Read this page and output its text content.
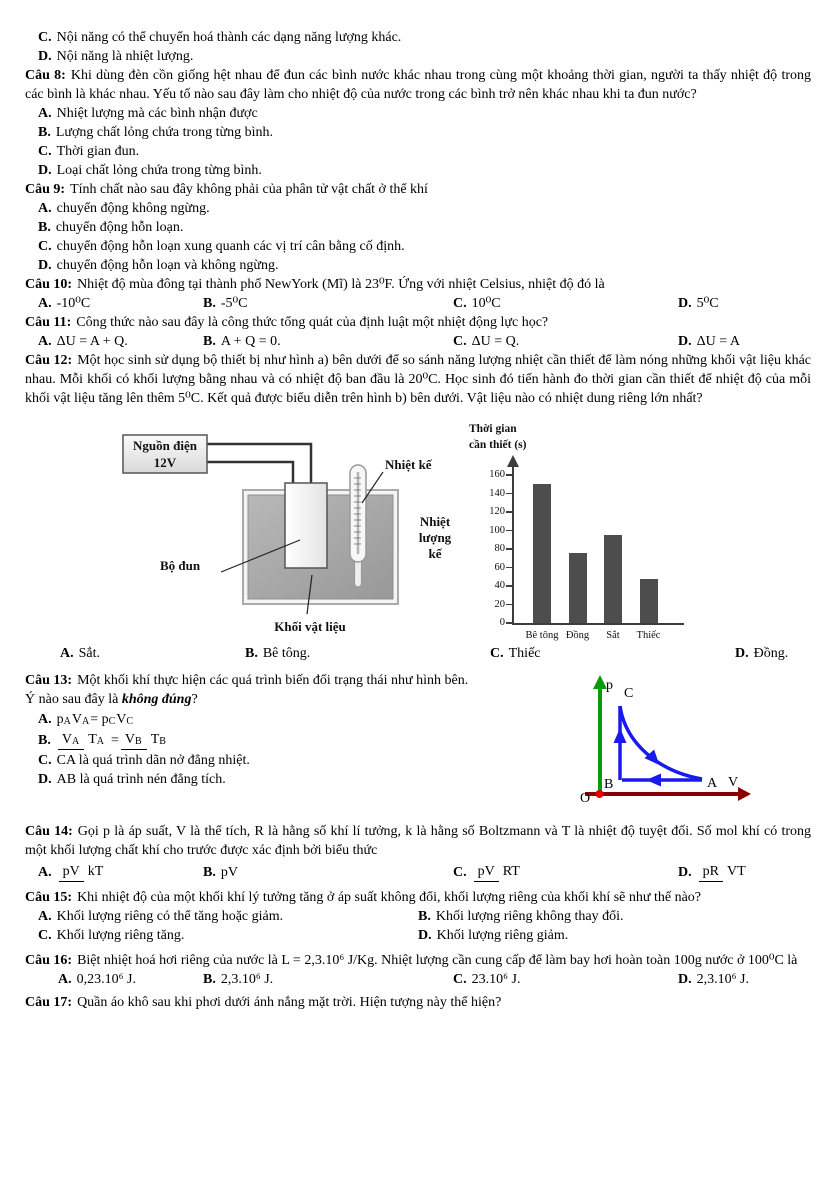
C. Nội năng có thể chuyển hoá thành các dạng năng lượng khác.
D. Nội năng là nhiệt lượng.

Câu 8: Khi dùng đèn cồn giống hệt nhau để đun các bình nước khác nhau trong cùng một khoảng thời gian, người ta thấy nhiệt độ trong các bình là khác nhau. Yếu tố nào sau đây làm cho nhiệt độ của nước trong các bình trở nên khác nhau khi ta đun nước?

A. Nhiệt lượng mà các bình nhận được
B. Lượng chất lỏng chứa trong từng bình.
C. Thời gian đun.
D. Loại chất lỏng chứa trong từng bình.

Câu 9: Tính chất nào sau đây không phải của phân tử vật chất ở thể khí

A. chuyển động không ngừng.
B. chuyển động hỗn loạn.
C. chuyển động hỗn loạn xung quanh các vị trí cân bằng cố định.
D. chuyển động hỗn loạn và không ngừng.

Câu 10: Nhiệt độ mùa đông tại thành phố NewYork (Mĩ) là 23⁰F. Ứng với nhiệt Celsius, nhiệt độ đó là

A. -10⁰C	B. -5⁰C	C. 10⁰C	D. 5⁰C

Câu 11: Công thức nào sau đây là công thức tổng quát của định luật một nhiệt động lực học?

A. ΔU = A + Q.	B. A + Q = 0.	C. ΔU = Q.	D. ΔU = A

Câu 12: Một học sinh sử dụng bộ thiết bị như hình a) bên dưới để so sánh năng lượng nhiệt cần thiết để làm nóng những khối vật liệu khác nhau. Mỗi khối có khối lượng bằng nhau và có nhiệt độ ban đầu là 20⁰C. Học sinh đó tiến hành đo thời gian cần thiết để nhiệt độ của mỗi khối vật liệu tăng lên thêm 5⁰C. Kết quả được biểu diễn trên hình b) bên dưới. Vật liệu nào có nhiệt dung riêng lớn nhất?

Nguồn điện
12V	Nhiệt kế
Nhiệt
lượng
kế
Bộ đun
Khối vật liệu
Thời gian
cần thiết (s)
0
20
40
60
80
100
120
140
160
Bê tông Đồng	Sắt	Thiếc
A. Sắt.	B. Bê tông.	C. Thiếc	D. Đồng.

Câu 13: Một khối khí thực hiện các quá trình biến đổi trạng thái như hình bên.

Ý nào sau đây là không đúng?

A. p A V A = p C V C
B. V A T A = V B T B
C. CA là quá trình dãn nở đẳng nhiệt.
D. AB là quá trình nén đẳng tích.
p
V
O
C
B	A

Câu 14: Gọi p là áp suất, V là thể tích, R là hằng số khí lí tưởng, k là hằng số Boltzmann và T là nhiệt độ tuyệt đối. Số mol khí có trong một khối lượng chất khí cho trước được xác định bởi biểu thức

A. pV kT	B. pV	C. pV RT	D. pR VT

Câu 15: Khi nhiệt độ của một khối khí lý tưởng tăng ở áp suất không đổi, khối lượng riêng của khối khí sẽ như thế nào?

A. Khối lượng riêng có thể tăng hoặc giảm.	B. Khối lượng riêng không thay đổi.
C. Khối lượng riêng tăng.	D. Khối lượng riêng giảm.

Câu 16: Biệt nhiệt hoá hơi riêng của nước là L = 2,3.10⁶ J/Kg. Nhiệt lượng cần cung cấp để làm bay hơi hoàn toàn 100g nước ở 100⁰C là

A. 0,23.10⁶ J.	B. 2,3.10⁶ J.	C. 23.10⁶ J.	D. 2,3.10⁶ J.

Câu 17: Quần áo khô sau khi phơi dưới ánh nắng mặt trời. Hiện tượng này thể hiện?
